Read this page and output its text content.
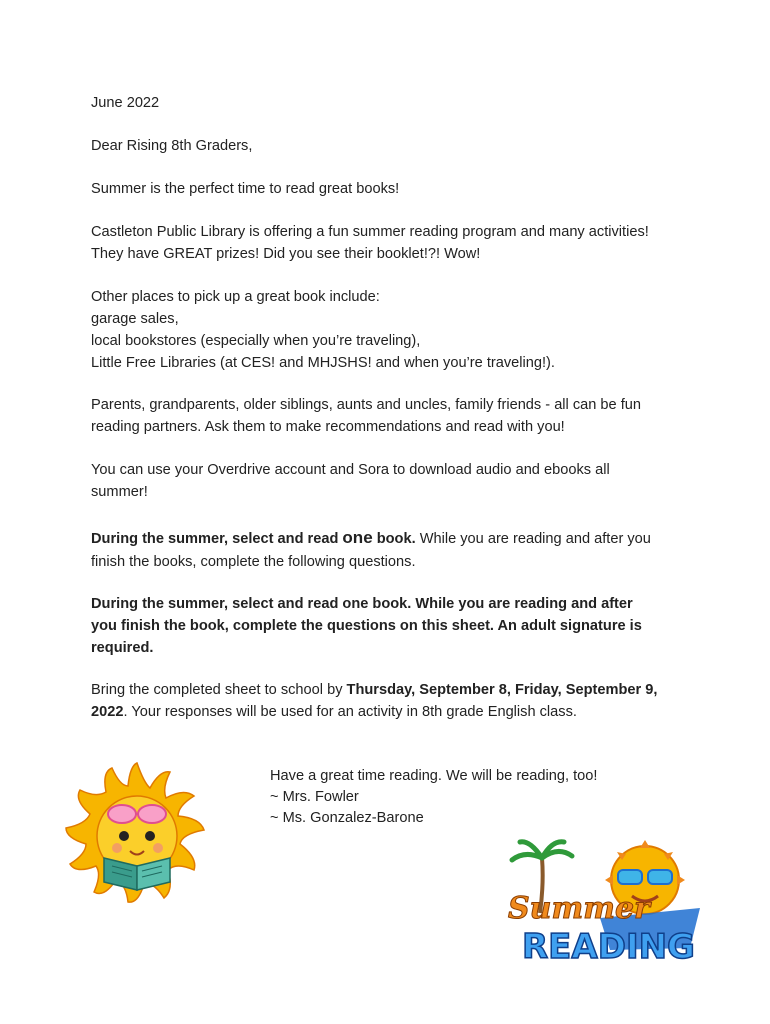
June 2022

Dear Rising 8th Graders,

Summer is the perfect time to read great books!

Castleton Public Library is offering a fun summer reading program and many activities!

They have GREAT prizes! Did you see their booklet!?! Wow!

Other places to pick up a great book include:

garage sales,

local bookstores (especially when you’re traveling),

Little Free Libraries (at CES! and MHJSHS! and when you’re traveling!).

Parents, grandparents, older siblings, aunts and uncles, family friends - all can be fun

reading partners. Ask them to make recommendations and read with you!

You can use your Overdrive account and Sora to download audio and ebooks all

summer!

During the summer, select and read one book. While you are reading and after you

finish the books, complete the following questions.

During the summer, select and read one book. While you are reading and after

you finish the book, complete the questions on this sheet. An adult signature is

required.

Bring the completed sheet to school by Thursday, September 8, Friday, September 9,

2022. Your responses will be used for an activity in 8th grade English class.

Have a great time reading. We will be reading, too!

~ Mrs. Fowler

~ Ms. Gonzalez-Barone

Summer
READING
